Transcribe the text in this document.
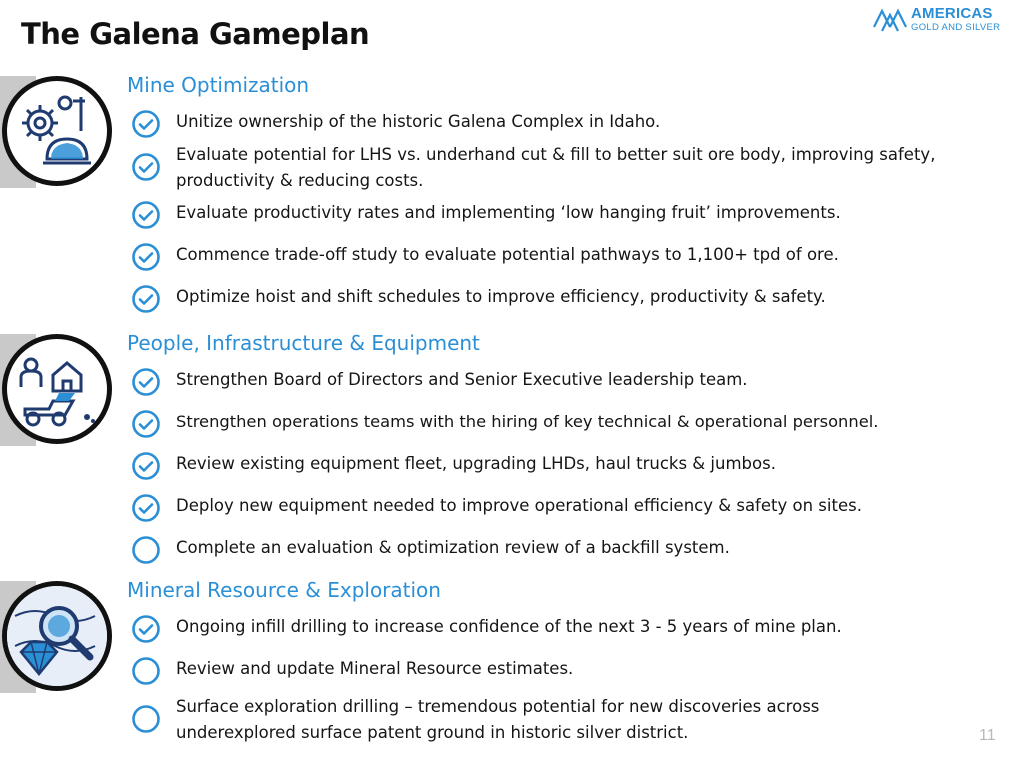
The Galena Gameplan
AMERICAS
GOLD AND SILVER
Mine Optimization
Unitize ownership of the historic Galena Complex in Idaho.
Evaluate potential for LHS vs. underhand cut & fill to better suit ore body, improving safety, productivity & reducing costs.
Evaluate productivity rates and implementing ‘low hanging fruit’ improvements.
Commence trade-off study to evaluate potential pathways to 1,100+ tpd of ore.
Optimize hoist and shift schedules to improve efficiency, productivity & safety.
People, Infrastructure & Equipment
Strengthen Board of Directors and Senior Executive leadership team.
Strengthen operations teams with the hiring of key technical & operational personnel.
Review existing equipment fleet, upgrading LHDs, haul trucks & jumbos.
Deploy new equipment needed to improve operational efficiency & safety on sites.
Complete an evaluation & optimization review of a backfill system.
Mineral Resource & Exploration
Ongoing infill drilling to increase confidence of the next 3 - 5 years of mine plan.
Review and update Mineral Resource estimates.
Surface exploration drilling – tremendous potential for new discoveries across underexplored surface patent ground in historic silver district.	11
